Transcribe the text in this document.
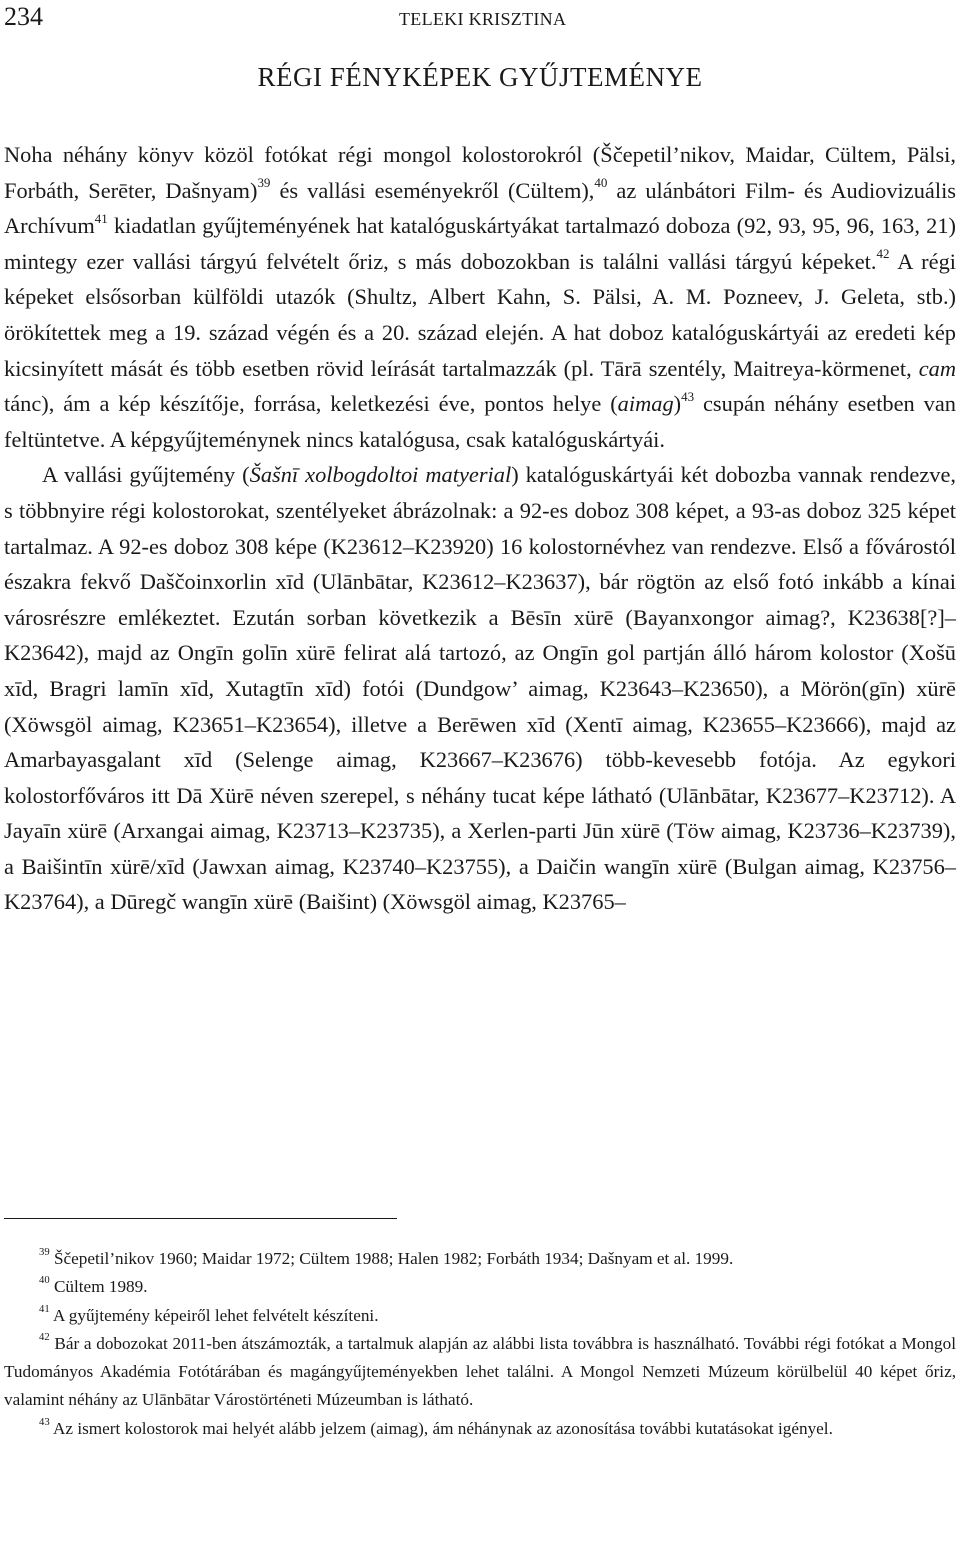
234	TELEKI KRISZTINA
RÉGI FÉNYKÉPEK GYŰJTEMÉNYE

Noha néhány könyv közöl fotókat régi mongol kolostorokról (Ščepetil’nikov, Maidar, Cültem, Pälsi, Forbáth, Serēter, Dašnyam)$^{39}$ és vallási eseményekről (Cültem),$^{40}$ az ulánbátori Film- és Audiovizuális Archívum$^{41}$ kiadatlan gyűjteményének hat katalóguskártyákat tartalmazó doboza (92, 93, 95, 96, 163, 21) mintegy ezer vallási tárgyú felvételt őriz, s más dobozokban is találni vallási tárgyú képeket.$^{42}$ A régi képeket elsősorban külföldi utazók (Shultz, Albert Kahn, S. Pälsi, A. M. Pozneev, J. Geleta, stb.) örökítettek meg a 19. század végén és a 20. század elején. A hat doboz katalóguskártyái az eredeti kép kicsinyített mását és több esetben rövid leírását tartalmazzák (pl. Tārā szentély, Maitreya-körmenet, cam tánc), ám a kép készítője, forrása, keletkezési éve, pontos helye (aimag)$^{43}$ csupán néhány esetben van feltüntetve. A képgyűjteménynek nincs katalógusa, csak katalóguskártyái.

A vallási gyűjtemény (Šašnī xolbogdoltoi matyerial) katalóguskártyái két dobozba vannak rendezve, s többnyire régi kolostorokat, szentélyeket ábrázolnak: a 92-es doboz 308 képet, a 93-as doboz 325 képet tartalmaz. A 92-es doboz 308 képe (K23612–K23920) 16 kolostornévhez van rendezve. Első a fővárostól északra fekvő Daščoinxorlin xīd (Ulānbātar, K23612–K23637), bár rögtön az első fotó inkább a kínai városrészre emlékeztet. Ezután sorban következik a Bēsīn xürē (Bayanxongor aimag?, K23638[?]–K23642), majd az Ongīn golīn xürē felirat alá tartozó, az Ongīn gol partján álló három kolostor (Xošū xīd, Bragri lamīn xīd, Xutagtīn xīd) fotói (Dundgow’ aimag, K23643–K23650), a Mörön(gīn) xürē (Xöwsgöl aimag, K23651–K23654), illetve a Berēwen xīd (Xentī aimag, K23655–K23666), majd az Amarbayasgalant xīd (Selenge aimag, K23667–K23676) több-kevesebb fotója. Az egykori kolostorfőváros itt Dā Xürē néven szerepel, s néhány tucat képe látható (Ulānbātar, K23677–K23712). A Jayaīn xürē (Arxangai aimag, K23713–K23735), a Xerlen-parti Jūn xürē (Töw aimag, K23736–K23739), a Baišintīn xürē/xīd (Jawxan aimag, K23740–K23755), a Daičin wangīn xürē (Bulgan aimag, K23756–K23764), a Dūregč wangīn xürē (Baišint) (Xöwsgöl aimag, K23765–

$^{39}$ Ščepetil’nikov 1960; Maidar 1972; Cültem 1988; Halen 1982; Forbáth 1934; Dašnyam et al. 1999.

$^{40}$ Cültem 1989.

$^{41}$ A gyűjtemény képeiről lehet felvételt készíteni.

$^{42}$ Bár a dobozokat 2011-ben átszámozták, a tartalmuk alapján az alábbi lista továbbra is használható. További régi fotókat a Mongol Tudományos Akadémia Fotótárában és magángyűjteményekben lehet találni. A Mongol Nemzeti Múzeum körülbelül 40 képet őriz, valamint néhány az Ulānbātar Várostörténeti Múzeumban is látható.

$^{43}$ Az ismert kolostorok mai helyét alább jelzem (aimag), ám néhánynak az azonosítása további kutatásokat igényel.
